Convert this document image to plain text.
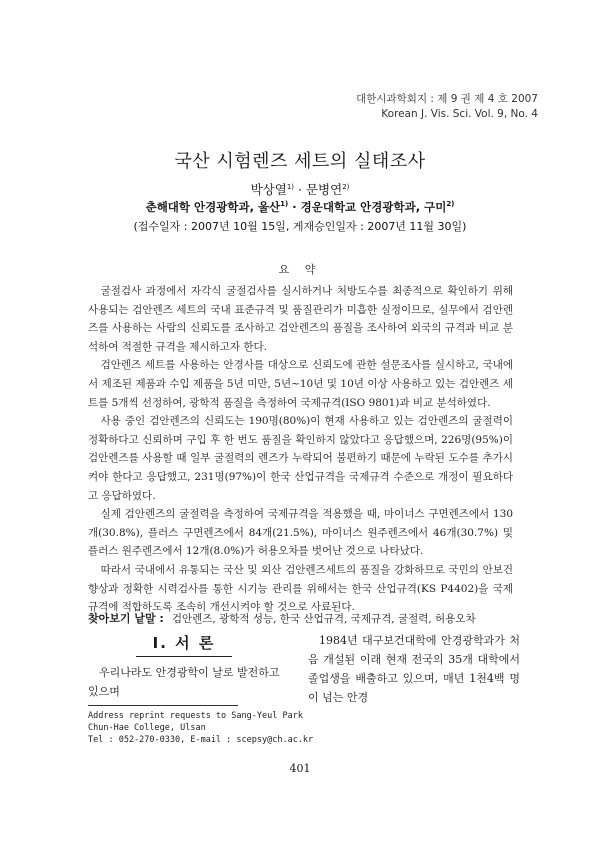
대한시과학회지 : 제 9 권 제 4 호 2007
Korean J. Vis. Sci. Vol. 9, No. 4
국산 시험렌즈 세트의 실태조사
박상열$^{1)}$ · 문병연$^{2)}$
춘해대학 안경광학과, 울산$^{1)}$ · 경운대학교 안경광학과, 구미$^{2)}$
(접수일자 : 2007년 10월 15일, 게재승인일자 : 2007년 11월 30일)
요 약

굴절검사 과정에서 자각식 굴절검사를 실시하거나 처방도수를 최종적으로 확인하기 위해 사용되는 검안렌즈 세트의 국내 표준규격 및 품질관리가 미흡한 실정이므로, 실무에서 검안렌즈를 사용하는 사람의 신뢰도를 조사하고 검안렌즈의 품질을 조사하여 외국의 규격과 비교 분석하여 적절한 규격을 제시하고자 한다.

검안렌즈 세트를 사용하는 안경사를 대상으로 신뢰도에 관한 설문조사를 실시하고, 국내에서 제조된 제품과 수입 제품을 5년 미만, 5년~10년 및 10년 이상 사용하고 있는 검안렌즈 세트를 5개씩 선정하여, 광학적 품질을 측정하여 국제규격(ISO 9801)과 비교 분석하였다.

사용 중인 검안렌즈의 신뢰도는 190명(80%)이 현재 사용하고 있는 검안렌즈의 굴절력이 정확하다고 신뢰하며 구입 후 한 번도 품질을 확인하지 않았다고 응답했으며, 226명(95%)이 검안렌즈를 사용할 때 일부 굴절력의 렌즈가 누락되어 불편하기 때문에 누락된 도수를 추가시켜야 한다고 응답했고, 231명(97%)이 한국 산업규격을 국제규격 수준으로 개정이 필요하다고 응답하였다.

실제 검안렌즈의 굴절력을 측정하여 국제규격을 적용했을 때, 마이너스 구면렌즈에서 130개(30.8%), 플러스 구면렌즈에서 84개(21.5%), 마이너스 원주렌즈에서 46개(30.7%) 및 플러스 원주렌즈에서 12개(8.0%)가 허용오차를 벗어난 것으로 나타났다.

따라서 국내에서 유통되는 국산 및 외산 검안렌즈세트의 품질을 강화하므로 국민의 안보건 향상과 정확한 시력검사를 통한 시기능 관리를 위해서는 한국 산업규격(KS P4402)을 국제규격에 적합하도록 조속히 개선시켜야 할 것으로 사료된다.

찾아보기 낱말 : 검안렌즈, 광학적 성능, 한국 산업규격, 국제규격, 굴절력, 허용오차
I. 서 론
우리나라도 안경광학이 날로 발전하고 있으며

1984년 대구보건대학에 안경광학과가 처음 개설된 이래 현재 전국의 35개 대학에서 졸업생을 배출하고 있으며, 매년 1천4백 명이 넘는 안경

Address reprint requests to Sang-Yeul Park
Chun-Hae College, Ulsan
Tel : 052-270-0330, E-mail : scepsy@ch.ac.kr
401
